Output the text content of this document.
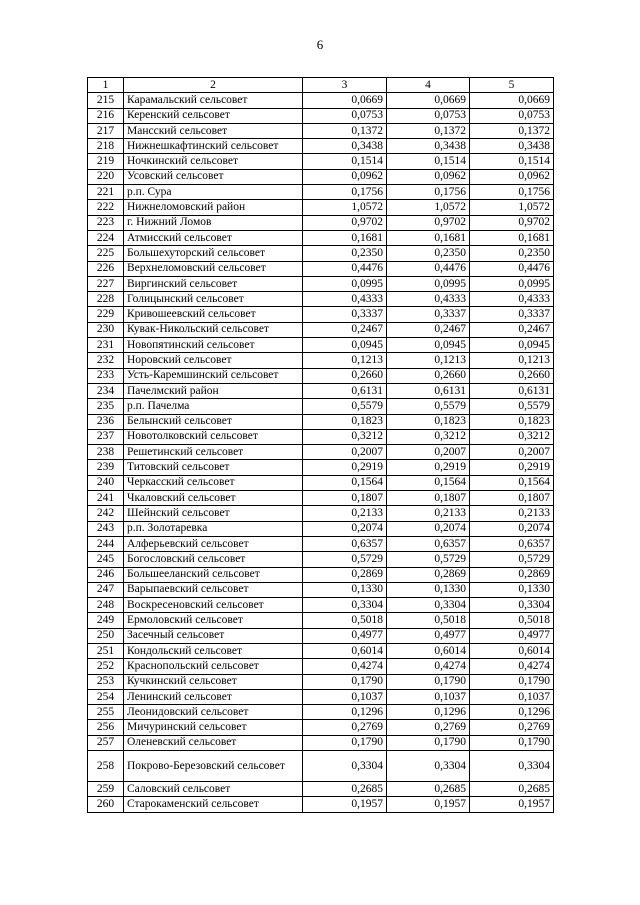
6
1	2	3	4	5
215	Карамальский сельсовет	0,0669	0,0669	0,0669
216	Керенский сельсовет	0,0753	0,0753	0,0753
217	Мансский сельсовет	0,1372	0,1372	0,1372
218	Нижнешкафтинский сельсовет	0,3438	0,3438	0,3438
219	Ночкинский сельсовет	0,1514	0,1514	0,1514
220	Усовский сельсовет	0,0962	0,0962	0,0962
221	р.п. Сура	0,1756	0,1756	0,1756
222	Нижнеломовский район	1,0572	1,0572	1,0572
223	г. Нижний Ломов	0,9702	0,9702	0,9702
224	Атмисский сельсовет	0,1681	0,1681	0,1681
225	Большехуторский сельсовет	0,2350	0,2350	0,2350
226	Верхнеломовский сельсовет	0,4476	0,4476	0,4476
227	Виргинский сельсовет	0,0995	0,0995	0,0995
228	Голицынский сельсовет	0,4333	0,4333	0,4333
229	Кривошеевский сельсовет	0,3337	0,3337	0,3337
230	Кувак-Никольский сельсовет	0,2467	0,2467	0,2467
231	Новопятинский сельсовет	0,0945	0,0945	0,0945
232	Норовский сельсовет	0,1213	0,1213	0,1213
233	Усть-Каремшинский сельсовет	0,2660	0,2660	0,2660
234	Пачелмский район	0,6131	0,6131	0,6131
235	р.п. Пачелма	0,5579	0,5579	0,5579
236	Белынский сельсовет	0,1823	0,1823	0,1823
237	Новотолковский сельсовет	0,3212	0,3212	0,3212
238	Решетинский сельсовет	0,2007	0,2007	0,2007
239	Титовский сельсовет	0,2919	0,2919	0,2919
240	Черкасский сельсовет	0,1564	0,1564	0,1564
241	Чкаловский сельсовет	0,1807	0,1807	0,1807
242	Шейнский сельсовет	0,2133	0,2133	0,2133
243	р.п. Золотаревка	0,2074	0,2074	0,2074
244	Алферьевский сельсовет	0,6357	0,6357	0,6357
245	Богословский сельсовет	0,5729	0,5729	0,5729
246	Большееланский сельсовет	0,2869	0,2869	0,2869
247	Варыпаевский сельсовет	0,1330	0,1330	0,1330
248	Воскресеновский сельсовет	0,3304	0,3304	0,3304
249	Ермоловский сельсовет	0,5018	0,5018	0,5018
250	Засечный сельсовет	0,4977	0,4977	0,4977
251	Кондольский сельсовет	0,6014	0,6014	0,6014
252	Краснопольский сельсовет	0,4274	0,4274	0,4274
253	Кучкинский сельсовет	0,1790	0,1790	0,1790
254	Ленинский сельсовет	0,1037	0,1037	0,1037
255	Леонидовский сельсовет	0,1296	0,1296	0,1296
256	Мичуринский сельсовет	0,2769	0,2769	0,2769
257	Оленевский сельсовет	0,1790	0,1790	0,1790
258	Покрово-Березовский сельсовет	0,3304	0,3304	0,3304
259	Саловский сельсовет	0,2685	0,2685	0,2685
260	Старокаменский сельсовет	0,1957	0,1957	0,1957
